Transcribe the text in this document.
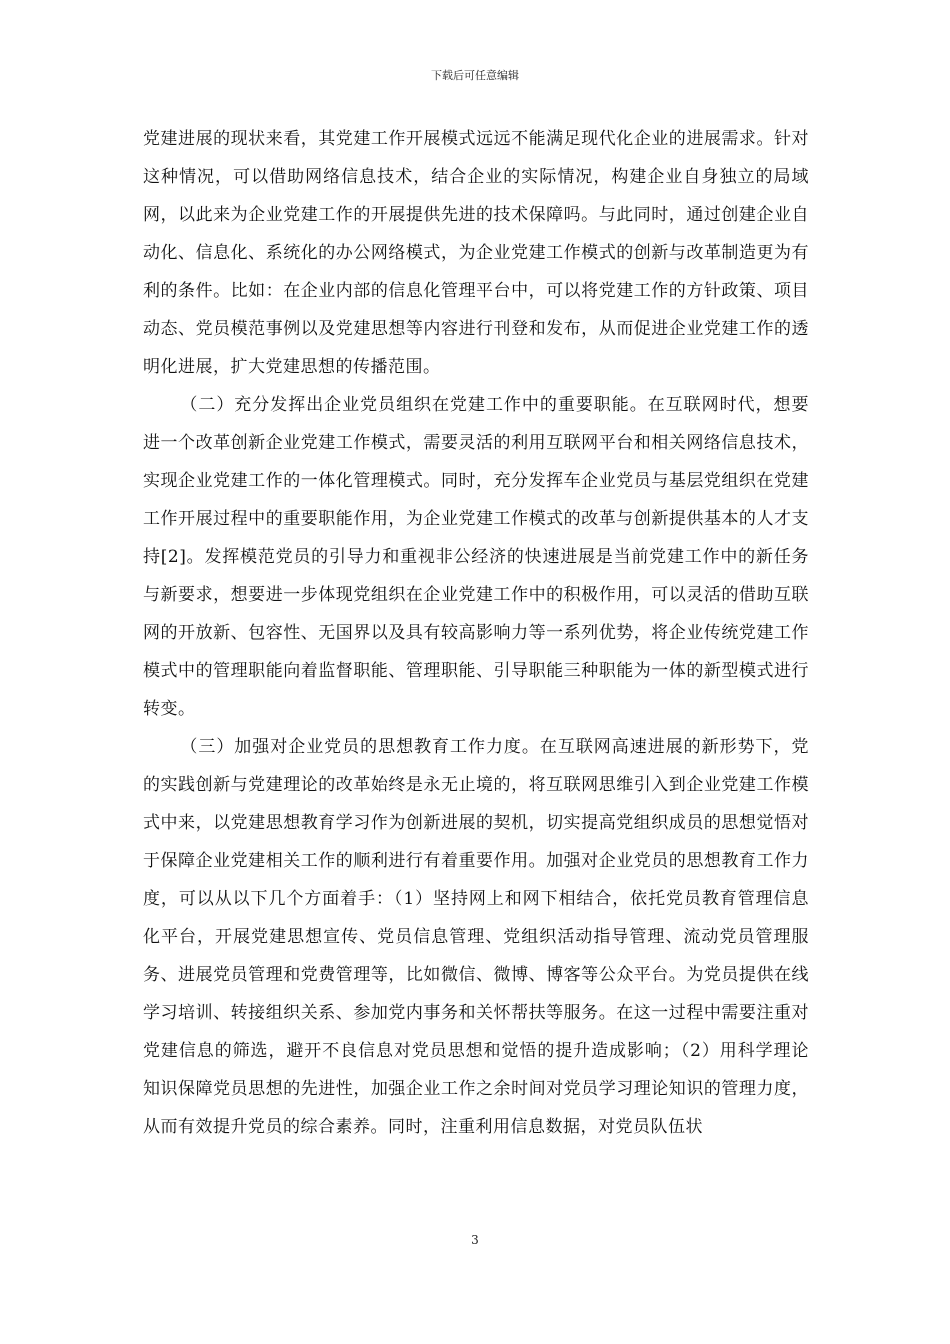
下载后可任意编辑

党建进展的现状来看，其党建工作开展模式远远不能满足现代化企业的进展需求。针对这种情况，可以借助网络信息技术，结合企业的实际情况，构建企业自身独立的局域网，以此来为企业党建工作的开展提供先进的技术保障吗。与此同时，通过创建企业自动化、信息化、系统化的办公网络模式，为企业党建工作模式的创新与改革制造更为有利的条件。比如：在企业内部的信息化管理平台中，可以将党建工作的方针政策、项目动态、党员模范事例以及党建思想等内容进行刊登和发布，从而促进企业党建工作的透明化进展，扩大党建思想的传播范围。

（二）充分发挥出企业党员组织在党建工作中的重要职能。在互联网时代，想要进一个改革创新企业党建工作模式，需要灵活的利用互联网平台和相关网络信息技术，实现企业党建工作的一体化管理模式。同时，充分发挥车企业党员与基层党组织在党建工作开展过程中的重要职能作用，为企业党建工作模式的改革与创新提供基本的人才支持[2]。发挥模范党员的引导力和重视非公经济的快速进展是当前党建工作中的新任务与新要求，想要进一步体现党组织在企业党建工作中的积极作用，可以灵活的借助互联网的开放新、包容性、无国界以及具有较高影响力等一系列优势，将企业传统党建工作模式中的管理职能向着监督职能、管理职能、引导职能三种职能为一体的新型模式进行转变。

（三）加强对企业党员的思想教育工作力度。在互联网高速进展的新形势下，党的实践创新与党建理论的改革始终是永无止境的，将互联网思维引入到企业党建工作模式中来，以党建思想教育学习作为创新进展的契机，切实提高党组织成员的思想觉悟对于保障企业党建相关工作的顺利进行有着重要作用。加强对企业党员的思想教育工作力度，可以从以下几个方面着手：（1）坚持网上和网下相结合，依托党员教育管理信息化平台，开展党建思想宣传、党员信息管理、党组织活动指导管理、流动党员管理服务、进展党员管理和党费管理等，比如微信、微博、博客等公众平台。为党员提供在线学习培训、转接组织关系、参加党内事务和关怀帮扶等服务。在这一过程中需要注重对党建信息的筛选，避开不良信息对党员思想和觉悟的提升造成影响；（2）用科学理论知识保障党员思想的先进性，加强企业工作之余时间对党员学习理论知识的管理力度，从而有效提升党员的综合素养。同时，注重利用信息数据，对党员队伍状

3
